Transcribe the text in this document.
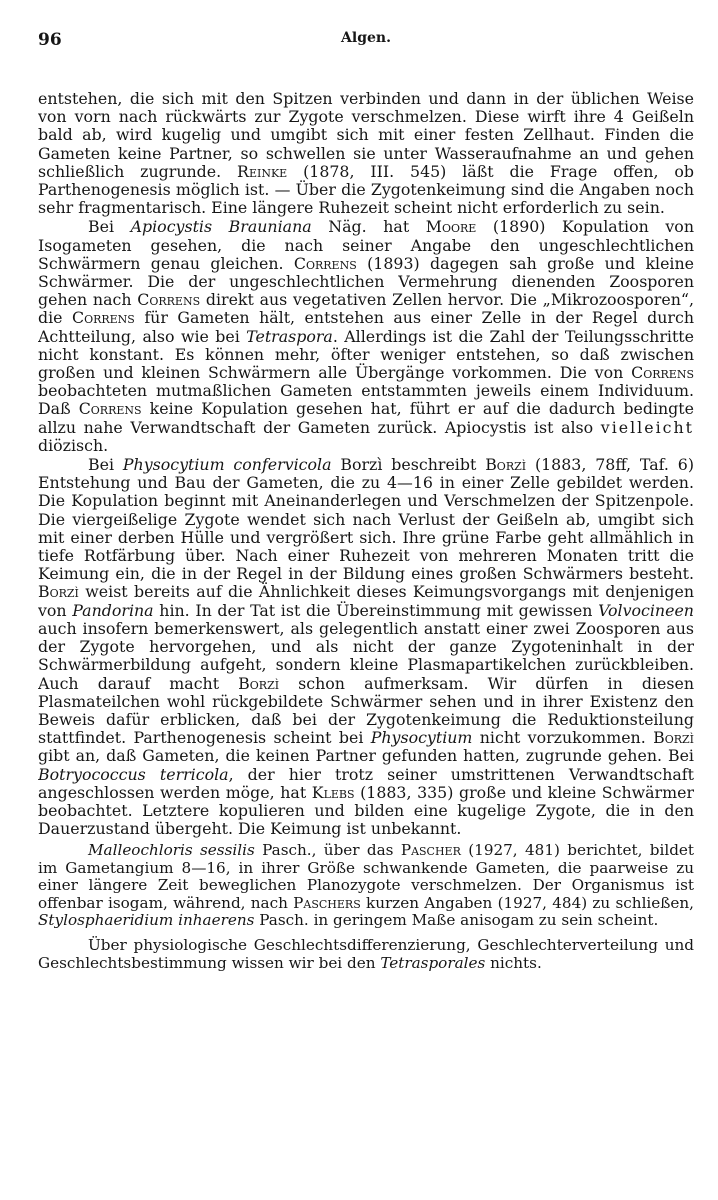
96	Algen.

entstehen, die sich mit den Spitzen verbinden und dann in der üblichen Weise von vorn nach rückwärts zur Zygote verschmelzen. Diese wirft ihre 4 Geißeln bald ab, wird kugelig und umgibt sich mit einer festen Zellhaut. Finden die Gameten keine Partner, so schwellen sie unter Wasseraufnahme an und gehen schließlich zugrunde. Reinke (1878, III. 545) läßt die Frage offen, ob Parthenogenesis möglich ist. — Über die Zygotenkeimung sind die Angaben noch sehr fragmentarisch. Eine längere Ruhezeit scheint nicht erforderlich zu sein.

Bei Apiocystis Brauniana Näg. hat Moore (1890) Kopulation von Isogameten gesehen, die nach seiner Angabe den ungeschlechtlichen Schwärmern genau gleichen. Correns (1893) dagegen sah große und kleine Schwärmer. Die der ungeschlechtlichen Vermehrung dienenden Zoosporen gehen nach Correns direkt aus vegetativen Zellen hervor. Die „Mikrozoosporen“, die Correns für Gameten hält, entstehen aus einer Zelle in der Regel durch Achtteilung, also wie bei Tetraspora. Allerdings ist die Zahl der Teilungsschritte nicht konstant. Es können mehr, öfter weniger entstehen, so daß zwischen großen und kleinen Schwärmern alle Übergänge vorkommen. Die von Correns beobachteten mutmaßlichen Gameten entstammten jeweils einem Individuum. Daß Correns keine Kopulation gesehen hat, führt er auf die dadurch bedingte allzu nahe Verwandtschaft der Gameten zurück. Apiocystis ist also vielleicht diözisch.

Bei Physocytium confervicola Borzì beschreibt Borzì (1883, 78ff, Taf. 6) Entstehung und Bau der Gameten, die zu 4—16 in einer Zelle gebildet werden. Die Kopulation beginnt mit Aneinanderlegen und Verschmelzen der Spitzenpole. Die viergeißelige Zygote wendet sich nach Verlust der Geißeln ab, umgibt sich mit einer derben Hülle und vergrößert sich. Ihre grüne Farbe geht allmählich in tiefe Rotfärbung über. Nach einer Ruhezeit von mehreren Monaten tritt die Keimung ein, die in der Regel in der Bildung eines großen Schwärmers besteht. Borzì weist bereits auf die Ähnlichkeit dieses Keimungsvorgangs mit denjenigen von Pandorina hin. In der Tat ist die Übereinstimmung mit gewissen Volvocineen auch insofern bemerkenswert, als gelegentlich anstatt einer zwei Zoosporen aus der Zygote hervorgehen, und als nicht der ganze Zygoteninhalt in der Schwärmerbildung aufgeht, sondern kleine Plasmapartikelchen zurückbleiben. Auch darauf macht Borzì schon aufmerksam. Wir dürfen in diesen Plasmateilchen wohl rückgebildete Schwärmer sehen und in ihrer Existenz den Beweis dafür erblicken, daß bei der Zygotenkeimung die Reduktionsteilung stattfindet. Parthenogenesis scheint bei Physocytium nicht vorzukommen. Borzì gibt an, daß Gameten, die keinen Partner gefunden hatten, zugrunde gehen. Bei Botryococcus terricola, der hier trotz seiner umstrittenen Verwandtschaft angeschlossen werden möge, hat Klebs (1883, 335) große und kleine Schwärmer beobachtet. Letztere kopulieren und bilden eine kugelige Zygote, die in den Dauerzustand übergeht. Die Keimung ist unbekannt.

Malleochloris sessilis Pasch., über das Pascher (1927, 481) berichtet, bildet im Gametangium 8—16, in ihrer Größe schwankende Gameten, die paarweise zu einer längere Zeit beweglichen Planozygote verschmelzen. Der Organismus ist offenbar isogam, während, nach Paschers kurzen Angaben (1927, 484) zu schließen, Stylosphaeridium inhaerens Pasch. in geringem Maße anisogam zu sein scheint.

Über physiologische Geschlechtsdifferenzierung, Geschlechterverteilung und Geschlechtsbestimmung wissen wir bei den Tetrasporales nichts.
